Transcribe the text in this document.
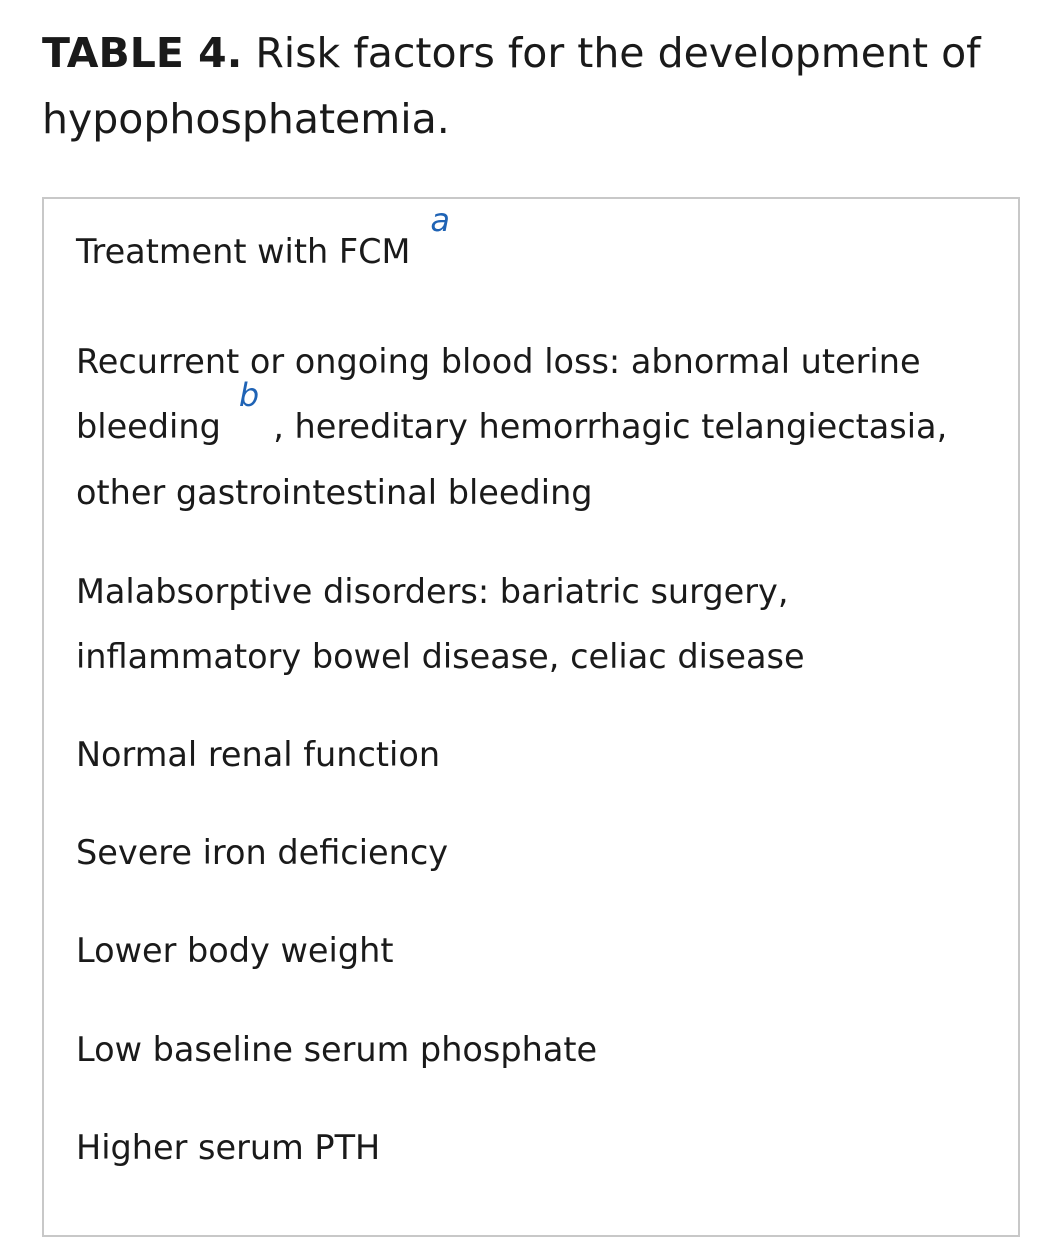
TABLE 4. Risk factors for the development of hypophosphatemia.
Treatment with FCMa
Recurrent or ongoing blood loss: abnormal uterine bleedingb, hereditary hemorrhagic telangiectasia, other gastrointestinal bleeding
Malabsorptive disorders: bariatric surgery, inflammatory bowel disease, celiac disease
Normal renal function
Severe iron deficiency
Lower body weight
Low baseline serum phosphate
Higher serum PTH
